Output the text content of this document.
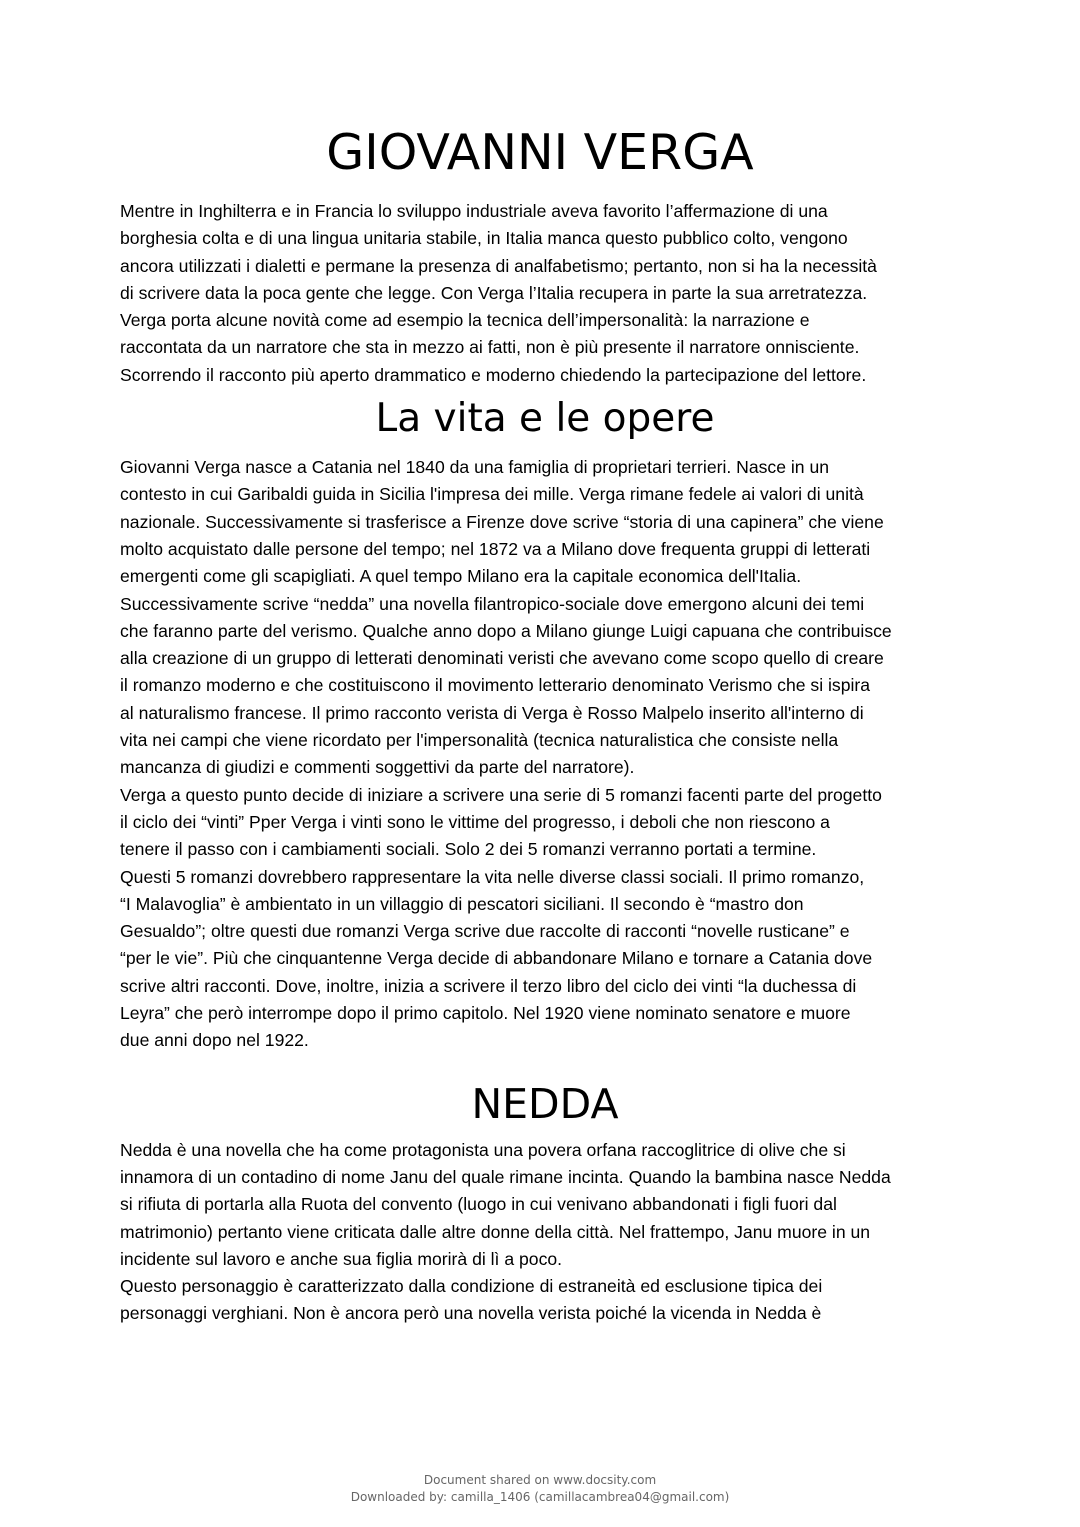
GIOVANNI VERGA

Mentre in Inghilterra e in Francia lo sviluppo industriale aveva favorito l’affermazione di una

borghesia colta e di una lingua unitaria stabile, in Italia manca questo pubblico colto, vengono

ancora utilizzati i dialetti e permane la presenza di analfabetismo; pertanto, non si ha la necessità

di scrivere data la poca gente che legge. Con Verga l’Italia recupera in parte la sua arretratezza.

Verga porta alcune novità come ad esempio la tecnica dell’impersonalità: la narrazione e

raccontata da un narratore che sta in mezzo ai fatti, non è più presente il narratore onnisciente.

Scorrendo il racconto più aperto drammatico e moderno chiedendo la partecipazione del lettore.

La vita e le opere

Giovanni Verga nasce a Catania nel 1840 da una famiglia di proprietari terrieri. Nasce in un

contesto in cui Garibaldi guida in Sicilia l'impresa dei mille. Verga rimane fedele ai valori di unità

nazionale. Successivamente si trasferisce a Firenze dove scrive “storia di una capinera” che viene

molto acquistato dalle persone del tempo; nel 1872 va a Milano dove frequenta gruppi di letterati

emergenti come gli scapigliati. A quel tempo Milano era la capitale economica dell'Italia.

Successivamente scrive “nedda” una novella filantropico-sociale dove emergono alcuni dei temi

che faranno parte del verismo. Qualche anno dopo a Milano giunge Luigi capuana che contribuisce

alla creazione di un gruppo di letterati denominati veristi che avevano come scopo quello di creare

il romanzo moderno e che costituiscono il movimento letterario denominato Verismo che si ispira

al naturalismo francese. Il primo racconto verista di Verga è Rosso Malpelo inserito all'interno di

vita nei campi che viene ricordato per l'impersonalità (tecnica naturalistica che consiste nella

mancanza di giudizi e commenti soggettivi da parte del narratore).

Verga a questo punto decide di iniziare a scrivere una serie di 5 romanzi facenti parte del progetto

il ciclo dei “vinti” Pper Verga i vinti sono le vittime del progresso, i deboli che non riescono a

tenere il passo con i cambiamenti sociali. Solo 2 dei 5 romanzi verranno portati a termine.

Questi 5 romanzi dovrebbero rappresentare la vita nelle diverse classi sociali. Il primo romanzo,

“I Malavoglia” è ambientato in un villaggio di pescatori siciliani. Il secondo è “mastro don

Gesualdo”; oltre questi due romanzi Verga scrive due raccolte di racconti “novelle rusticane” e

“per le vie”. Più che cinquantenne Verga decide di abbandonare Milano e tornare a Catania dove

scrive altri racconti. Dove, inoltre, inizia a scrivere il terzo libro del ciclo dei vinti “la duchessa di

Leyra” che però interrompe dopo il primo capitolo. Nel 1920 viene nominato senatore e muore

due anni dopo nel 1922.

NEDDA

Nedda è una novella che ha come protagonista una povera orfana raccoglitrice di olive che si

innamora di un contadino di nome Janu del quale rimane incinta. Quando la bambina nasce Nedda

si rifiuta di portarla alla Ruota del convento (luogo in cui venivano abbandonati i figli fuori dal

matrimonio) pertanto viene criticata dalle altre donne della città. Nel frattempo, Janu muore in un

incidente sul lavoro e anche sua figlia morirà di lì a poco.

Questo personaggio è caratterizzato dalla condizione di estraneità ed esclusione tipica dei

personaggi verghiani. Non è ancora però una novella verista poiché la vicenda in Nedda è

Document shared on www.docsity.com
Downloaded by: camilla_1406 (camillacambrea04@gmail.com)
